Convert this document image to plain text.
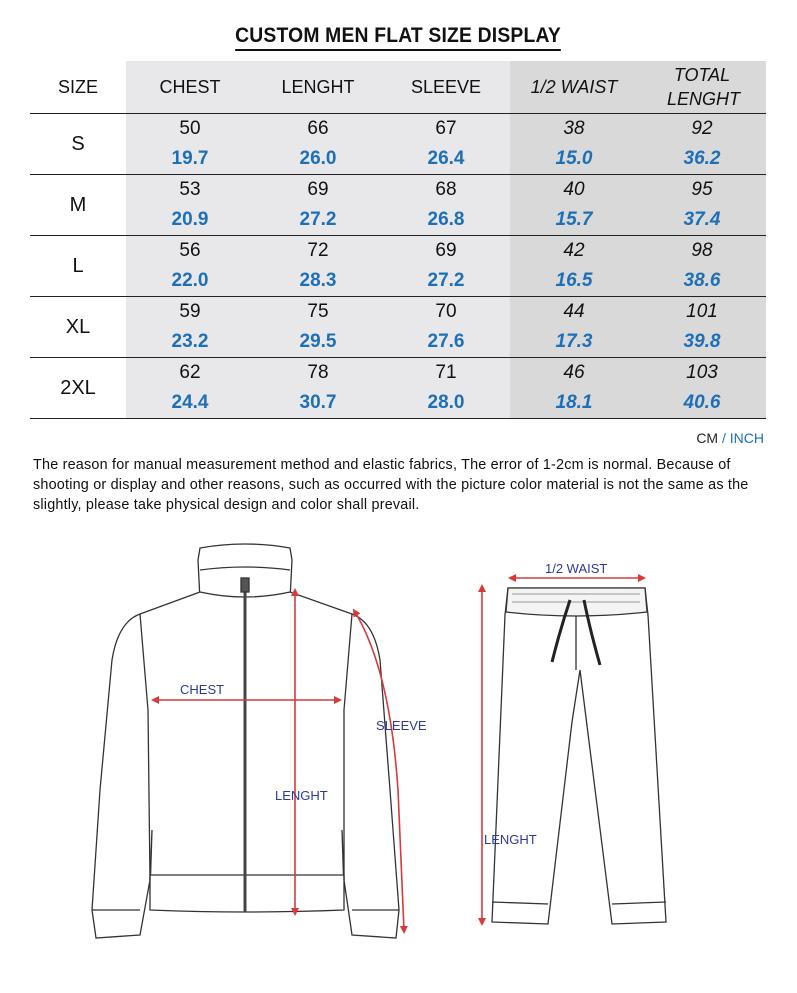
CUSTOM MEN FLAT SIZE DISPLAY
SIZE	CHEST	LENGHT	SLEEVE	1/2 WAIST	TOTAL LENGHT
S	50	66	67	38	92
	19.7	26.0	26.4	15.0	36.2
M	53	69	68	40	95
	20.9	27.2	26.8	15.7	37.4
L	56	72	69	42	98
	22.0	28.3	27.2	16.5	38.6
XL	59	75	70	44	101
	23.2	29.5	27.6	17.3	39.8
2XL	62	78	71	46	103
	24.4	30.7	28.0	18.1	40.6
CM / INCH
The reason for manual measurement method and elastic fabrics, The error of 1-2cm is normal. Because of shooting or display and other reasons, such as occurred with the picture color material is not the same as the slightly, please take physical design and color shall prevail.
CHEST
LENGHT
SLEEVE
1/2 WAIST
LENGHT
